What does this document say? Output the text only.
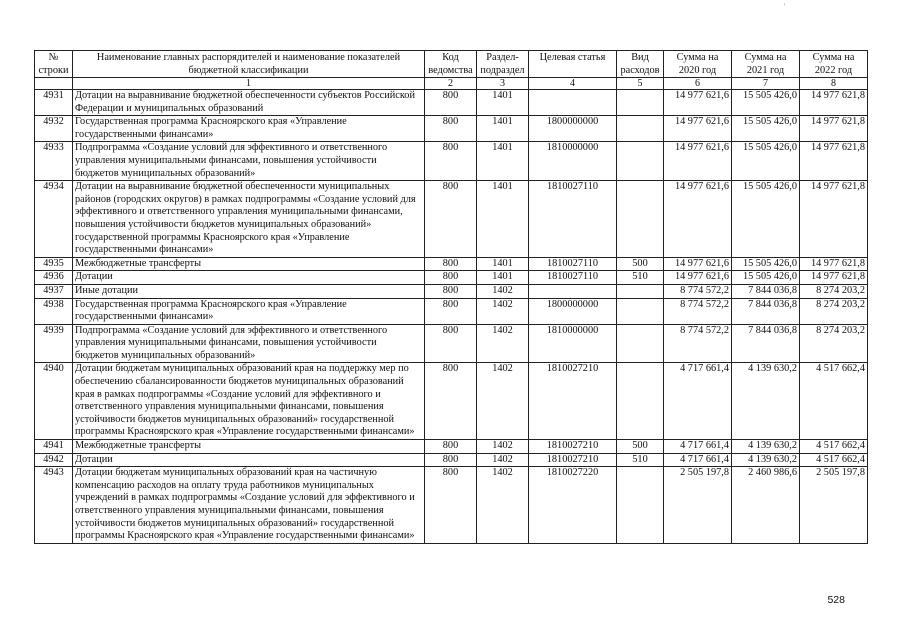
'
№ строки	Наименование главных распорядителей и наименование показателей бюджетной классификации	Код ведомства	Раздел-подраздел	Целевая статья	Вид расходов	Сумма на 2020 год	Сумма на 2021 год	Сумма на 2022 год
	1	2	3	4	5	6	7	8
4931	Дотации на выравнивание бюджетной обеспеченности субъектов Российской Федерации и муниципальных образований	800	1401			14 977 621,6	15 505 426,0	14 977 621,8
4932	Государственная программа Красноярского края «Управление государственными финансами»	800	1401	1800000000		14 977 621,6	15 505 426,0	14 977 621,8
4933	Подпрограмма «Создание условий для эффективного и ответственного управления муниципальными финансами, повышения устойчивости бюджетов муниципальных образований»	800	1401	1810000000		14 977 621,6	15 505 426,0	14 977 621,8
4934	Дотации на выравнивание бюджетной обеспеченности муниципальных районов (городских округов) в рамках подпрограммы «Создание условий для эффективного и ответственного управления муниципальными финансами, повышения устойчивости бюджетов муниципальных образований» государственной программы Красноярского края «Управление государственными финансами»	800	1401	1810027110		14 977 621,6	15 505 426,0	14 977 621,8
4935	Межбюджетные трансферты	800	1401	1810027110	500	14 977 621,6	15 505 426,0	14 977 621,8
4936	Дотации	800	1401	1810027110	510	14 977 621,6	15 505 426,0	14 977 621,8
4937	Иные дотации	800	1402			8 774 572,2	7 844 036,8	8 274 203,2
4938	Государственная программа Красноярского края «Управление государственными финансами»	800	1402	1800000000		8 774 572,2	7 844 036,8	8 274 203,2
4939	Подпрограмма «Создание условий для эффективного и ответственного управления муниципальными финансами, повышения устойчивости бюджетов муниципальных образований»	800	1402	1810000000		8 774 572,2	7 844 036,8	8 274 203,2
4940	Дотации бюджетам муниципальных образований края на поддержку мер по обеспечению сбалансированности бюджетов муниципальных образований края в рамках подпрограммы «Создание условий для эффективного и ответственного управления муниципальными финансами, повышения устойчивости бюджетов муниципальных образований» государственной программы Красноярского края «Управление государственными финансами»	800	1402	1810027210		4 717 661,4	4 139 630,2	4 517 662,4
4941	Межбюджетные трансферты	800	1402	1810027210	500	4 717 661,4	4 139 630,2	4 517 662,4
4942	Дотации	800	1402	1810027210	510	4 717 661,4	4 139 630,2	4 517 662,4
4943	Дотации бюджетам муниципальных образований края на частичную компенсацию расходов на оплату труда работников муниципальных учреждений в рамках подпрограммы «Создание условий для эффективного и ответственного управления муниципальными финансами, повышения устойчивости бюджетов муниципальных образований» государственной программы Красноярского края «Управление государственными финансами»	800	1402	1810027220		2 505 197,8	2 460 986,6	2 505 197,8
528
